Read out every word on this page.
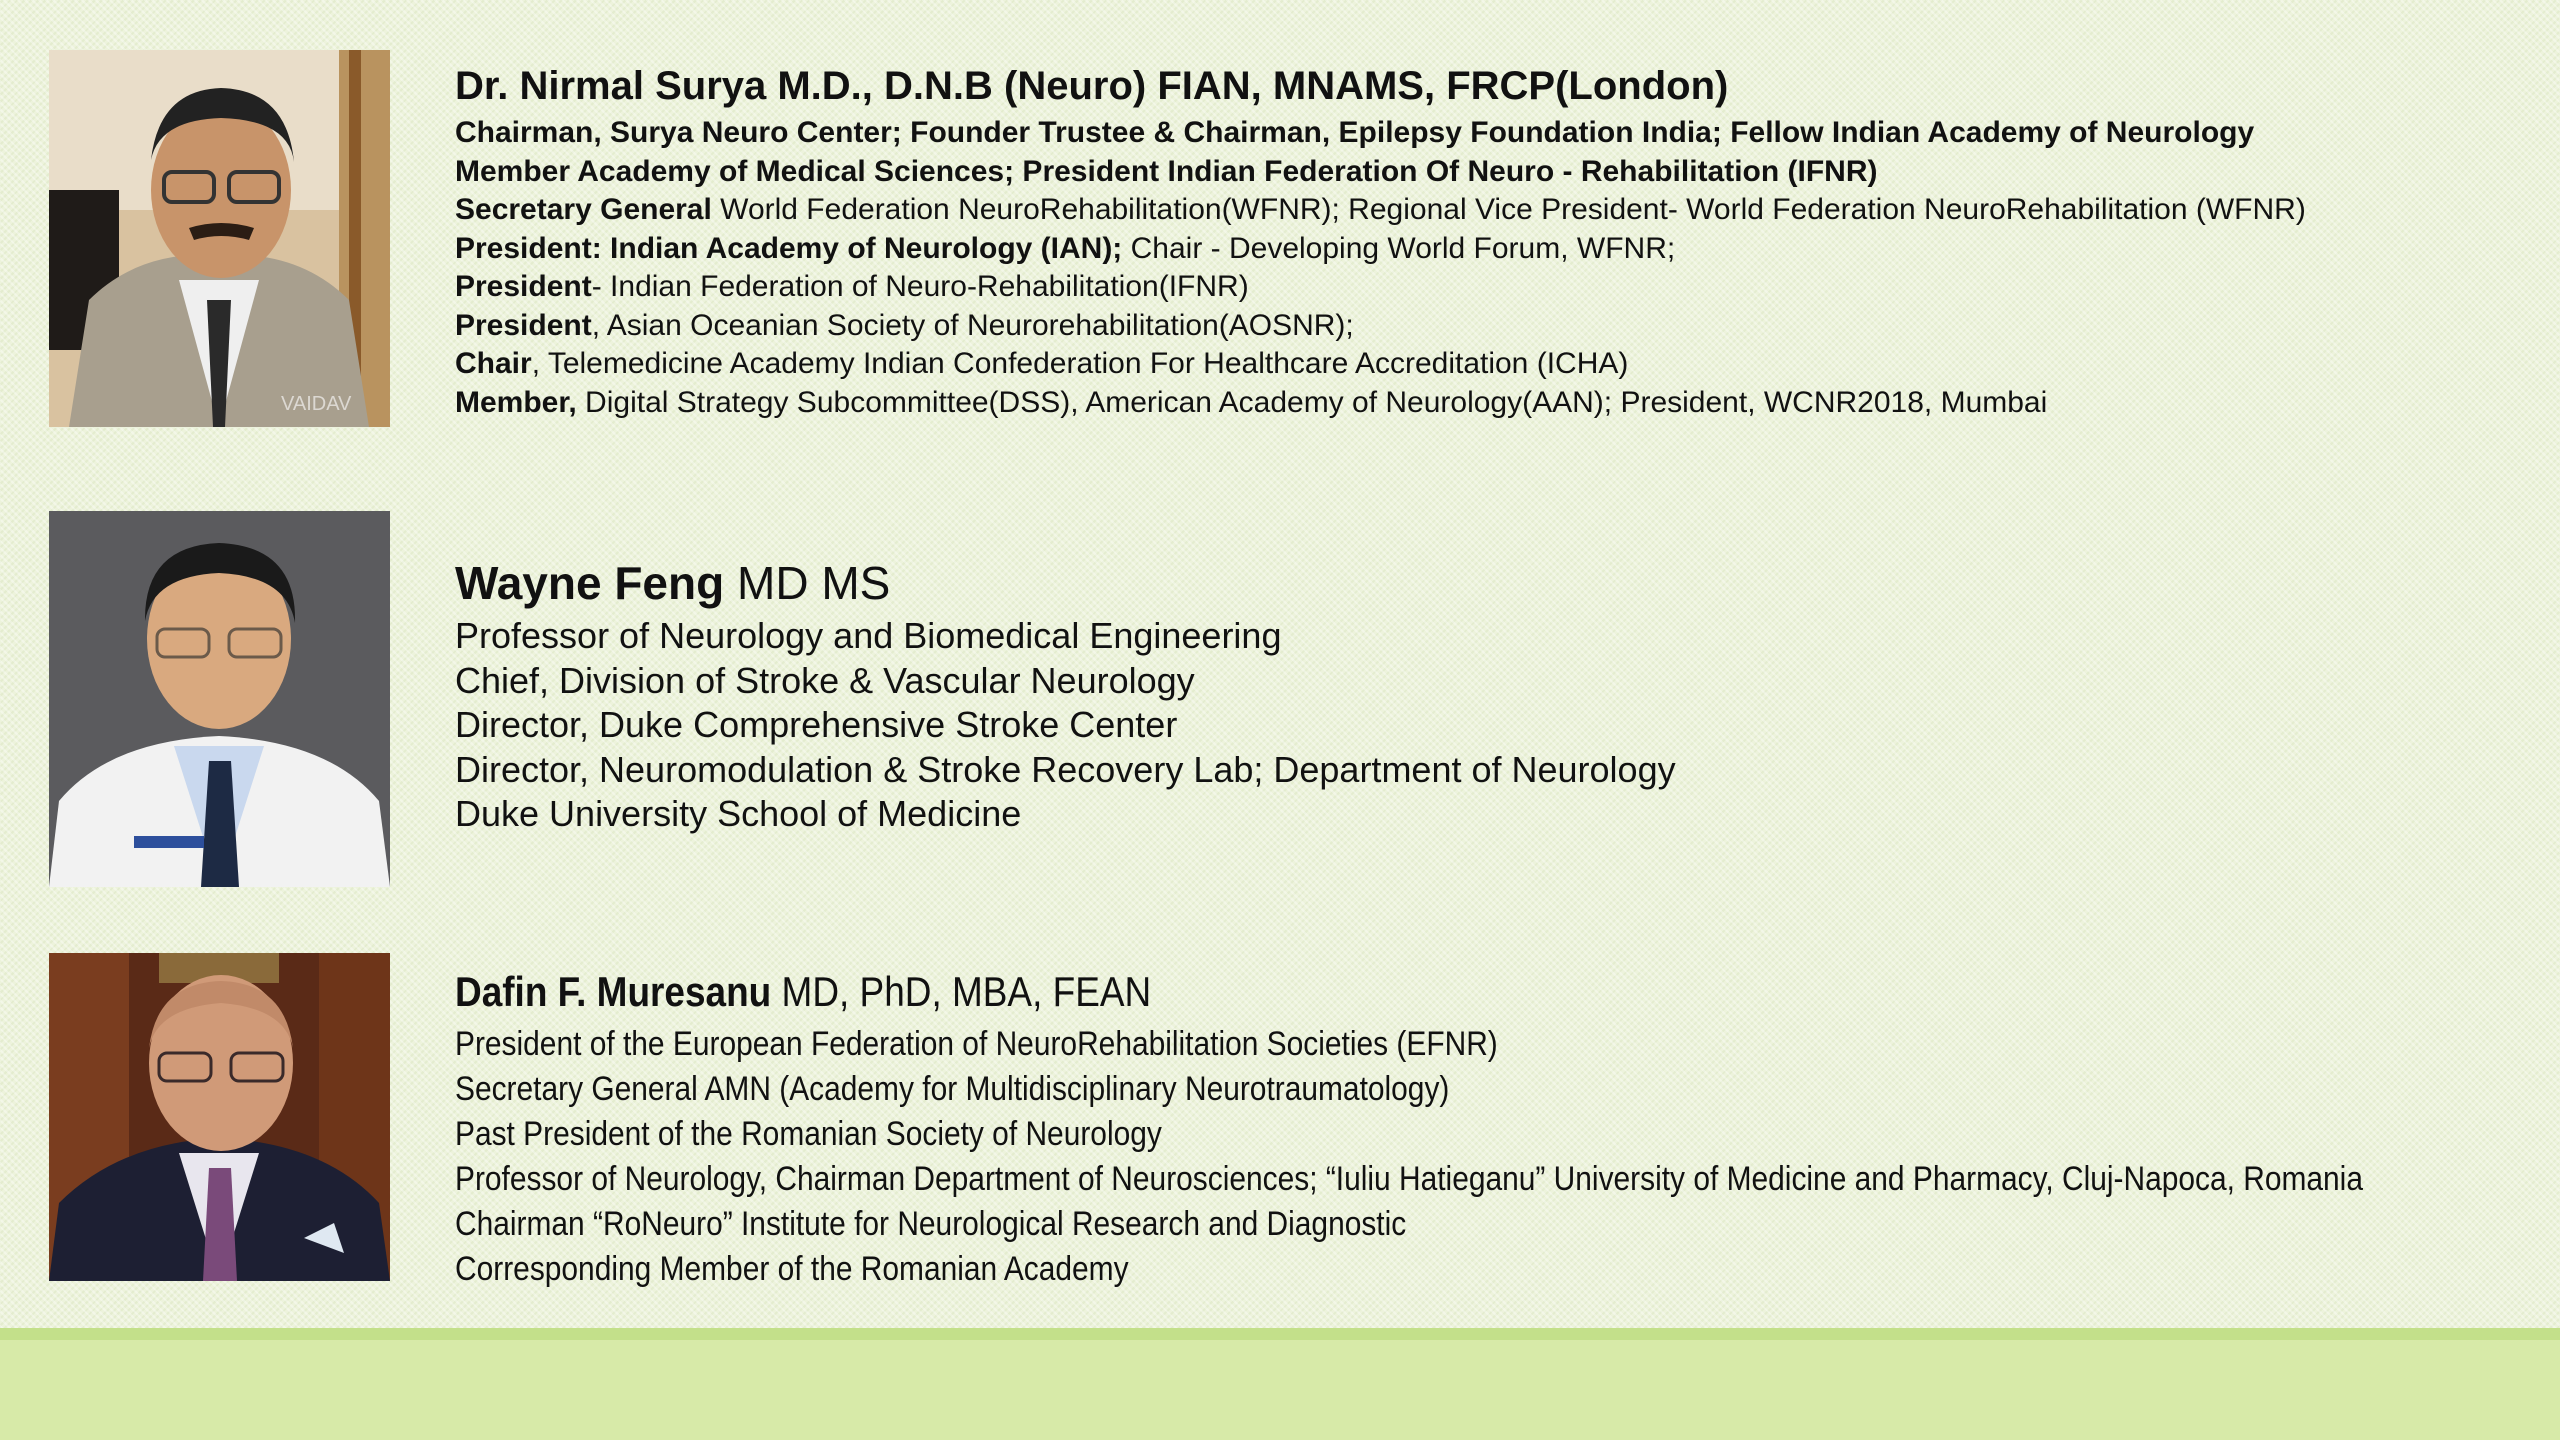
VAIDAV
Dr. Nirmal Surya M.D., D.N.B (Neuro) FIAN, MNAMS, FRCP(London)
Chairman, Surya Neuro Center; Founder Trustee & Chairman, Epilepsy Foundation India; Fellow Indian Academy of Neurology
Member Academy of Medical Sciences; President Indian Federation Of Neuro - Rehabilitation (IFNR)
Secretary General World Federation NeuroRehabilitation(WFNR); Regional Vice President- World Federation NeuroRehabilitation (WFNR)
President: Indian Academy of Neurology (IAN); Chair - Developing World Forum, WFNR;
President- Indian Federation of Neuro-Rehabilitation(IFNR)
President, Asian Oceanian Society of Neurorehabilitation(AOSNR);
Chair, Telemedicine Academy Indian Confederation For Healthcare Accreditation (ICHA)
Member, Digital Strategy Subcommittee(DSS), American Academy of Neurology(AAN); President, WCNR2018, Mumbai
Wayne Feng MD MS
Professor of Neurology and Biomedical Engineering
Chief, Division of Stroke & Vascular Neurology
Director, Duke Comprehensive Stroke Center
Director, Neuromodulation & Stroke Recovery Lab; Department of Neurology
Duke University School of Medicine
Dafin F. Muresanu MD, PhD, MBA, FEAN
President of the European Federation of NeuroRehabilitation Societies (EFNR)
Secretary General AMN (Academy for Multidisciplinary Neurotraumatology)
Past President of the Romanian Society of Neurology
Professor of Neurology, Chairman Department of Neurosciences; “Iuliu Hatieganu” University of Medicine and Pharmacy, Cluj-Napoca, Romania
Chairman “RoNeuro” Institute for Neurological Research and Diagnostic
Corresponding Member of the Romanian Academy
